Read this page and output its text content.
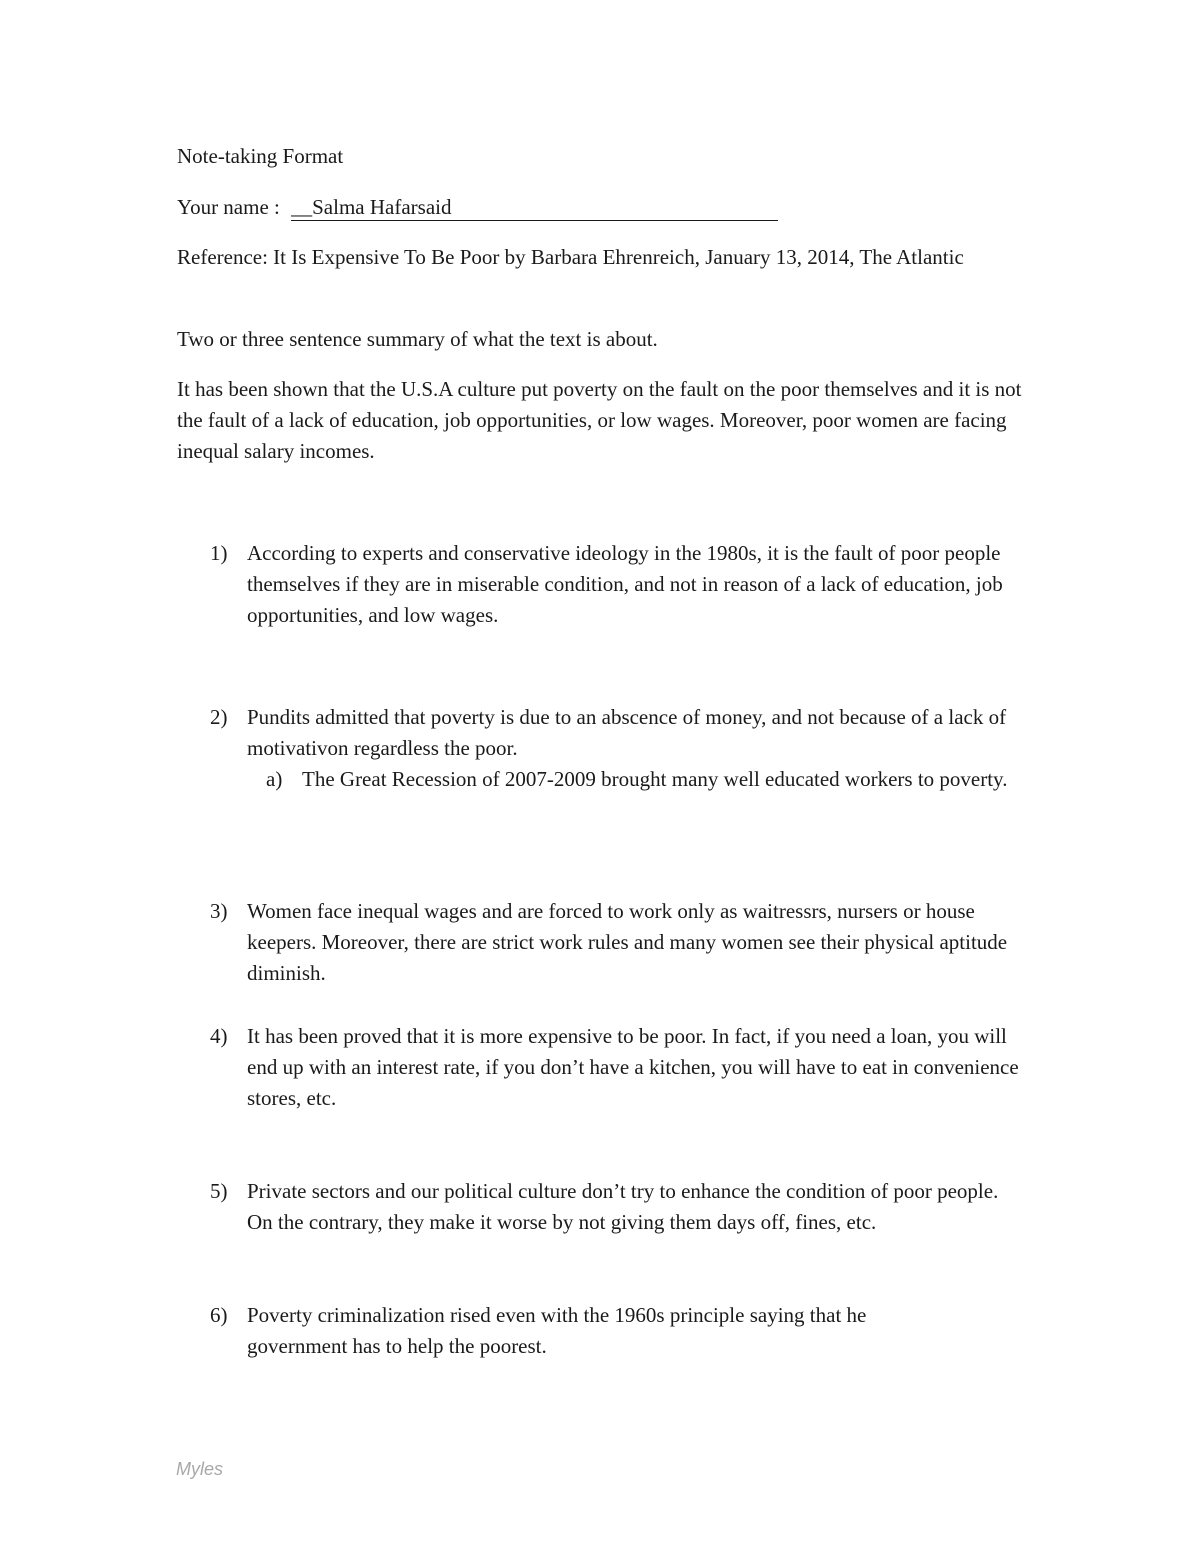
Note-taking Format
Your name : __Salma Hafarsaid
Reference: It Is Expensive To Be Poor by Barbara Ehrenreich, January 13, 2014, The Atlantic
Two or three sentence summary of what the text is about.
It has been shown that the U.S.A culture put poverty on the fault on the poor themselves and it is not the fault of a lack of education, job opportunities, or low wages. Moreover, poor women are facing inequal salary incomes.
1) According to experts and conservative ideology in the 1980s, it is the fault of poor people themselves if they are in miserable condition, and not in reason of a lack of education, job opportunities, and low wages.
2) Pundits admitted that poverty is due to an abscence of money, and not because of a lack of motivativon regardless the poor.
a) The Great Recession of 2007-2009 brought many well educated workers to poverty.
3) Women face inequal wages and are forced to work only as waitressrs, nursers or house keepers. Moreover, there are strict work rules and many women see their physical aptitude diminish.
4) It has been proved that it is more expensive to be poor. In fact, if you need a loan, you will end up with an interest rate, if you don’t have a kitchen, you will have to eat in convenience stores, etc.
5) Private sectors and our political culture don’t try to enhance the condition of poor people. On the contrary, they make it worse by not giving them days off, fines, etc.
6) Poverty criminalization rised even with the 1960s principle saying that he government has to help the poorest.
Myles
